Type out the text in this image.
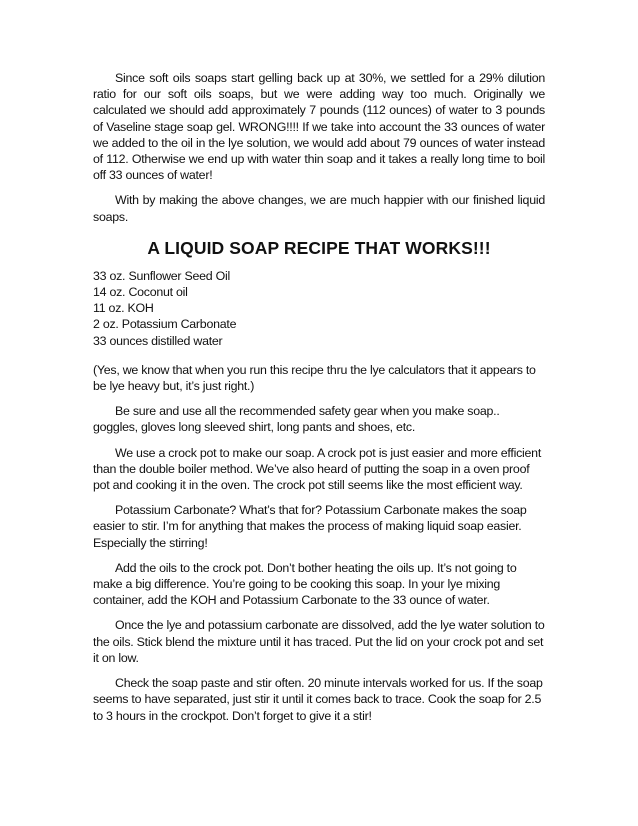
Since soft oils soaps start gelling back up at 30%, we settled for a 29% dilution ratio for our soft oils soaps, but we were adding way too much. Originally we calculated we should add approximately 7 pounds (112 ounces) of water to 3 pounds of Vaseline stage soap gel. WRONG!!!! If we take into account the 33 ounces of water we added to the oil in the lye solution, we would add about 79 ounces of water instead of 112. Otherwise we end up with water thin soap and it takes a really long time to boil off 33 ounces of water!

With by making the above changes, we are much happier with our finished liquid soaps.

A LIQUID SOAP RECIPE THAT WORKS!!!
33 oz. Sunflower Seed Oil
14 oz. Coconut oil
11 oz. KOH
2 oz. Potassium Carbonate
33 ounces distilled water

(Yes, we know that when you run this recipe thru the lye calculators that it appears to be lye heavy but, it’s just right.)

Be sure and use all the recommended safety gear when you make soap.. goggles, gloves long sleeved shirt, long pants and shoes, etc.

We use a crock pot to make our soap. A crock pot is just easier and more efficient than the double boiler method. We’ve also heard of putting the soap in a oven proof pot and cooking it in the oven. The crock pot still seems like the most efficient way.

Potassium Carbonate? What’s that for? Potassium Carbonate makes the soap easier to stir. I’m for anything that makes the process of making liquid soap easier. Especially the stirring!

Add the oils to the crock pot. Don’t bother heating the oils up. It’s not going to make a big difference. You’re going to be cooking this soap. In your lye mixing container, add the KOH and Potassium Carbonate to the 33 ounce of water.

Once the lye and potassium carbonate are dissolved, add the lye water solution to the oils. Stick blend the mixture until it has traced. Put the lid on your crock pot and set it on low.

Check the soap paste and stir often. 20 minute intervals worked for us. If the soap seems to have separated, just stir it until it comes back to trace. Cook the soap for 2.5 to 3 hours in the crockpot. Don’t forget to give it a stir!
